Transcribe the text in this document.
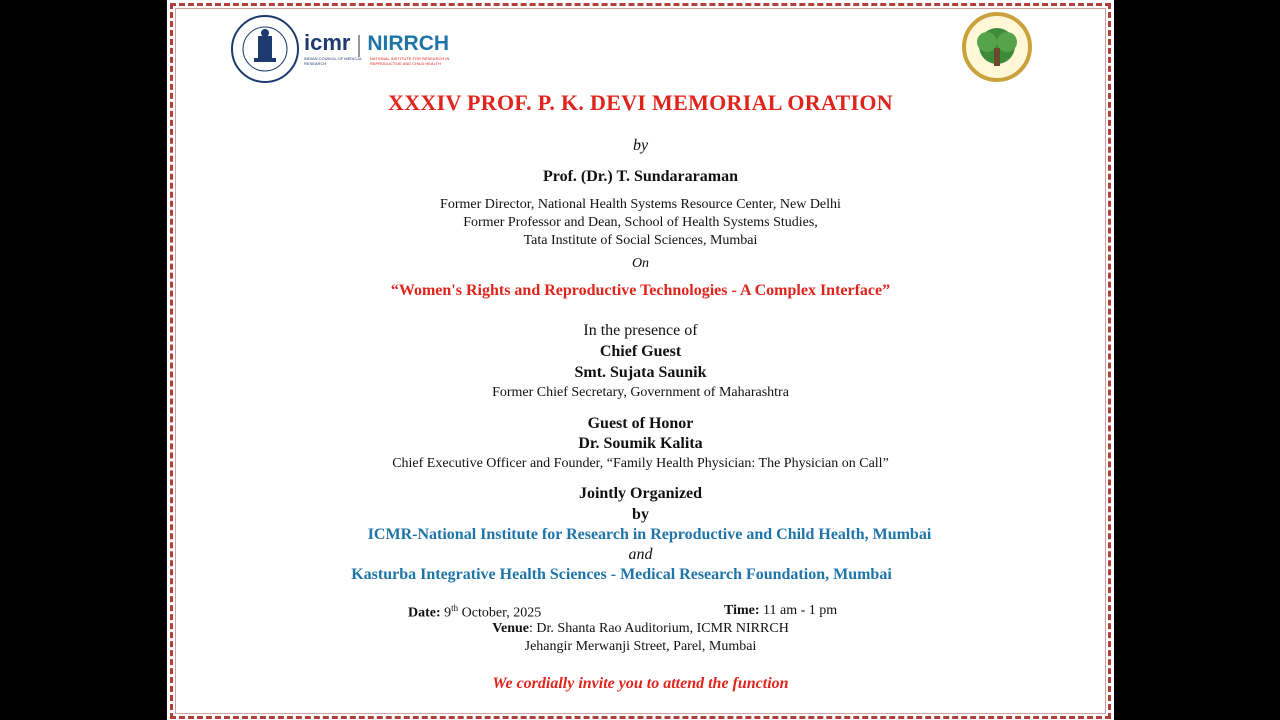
icmr NIRRCH
INDIAN COUNCIL OF MEDICAL RESEARCH
NATIONAL INSTITUTE FOR RESEARCH IN REPRODUCTIVE AND CHILD HEALTH
XXXIV PROF. P. K. DEVI MEMORIAL ORATION
by
Prof. (Dr.) T. Sundararaman
Former Director, National Health Systems Resource Center, New Delhi
Former Professor and Dean, School of Health Systems Studies,
Tata Institute of Social Sciences, Mumbai
On
“Women's Rights and Reproductive Technologies - A Complex Interface”
In the presence of
Chief Guest
Smt. Sujata Saunik
Former Chief Secretary, Government of Maharashtra
Guest of Honor
Dr. Soumik Kalita
Chief Executive Officer and Founder, “Family Health Physician: The Physician on Call”
Jointly Organized
by
ICMR-National Institute for Research in Reproductive and Child Health, Mumbai
and
Kasturba Integrative Health Sciences - Medical Research Foundation, Mumbai
Date: 9th October, 2025	Time: 11 am - 1 pm
Venue: Dr. Shanta Rao Auditorium, ICMR NIRRCH
Jehangir Merwanji Street, Parel, Mumbai
We cordially invite you to attend the function
